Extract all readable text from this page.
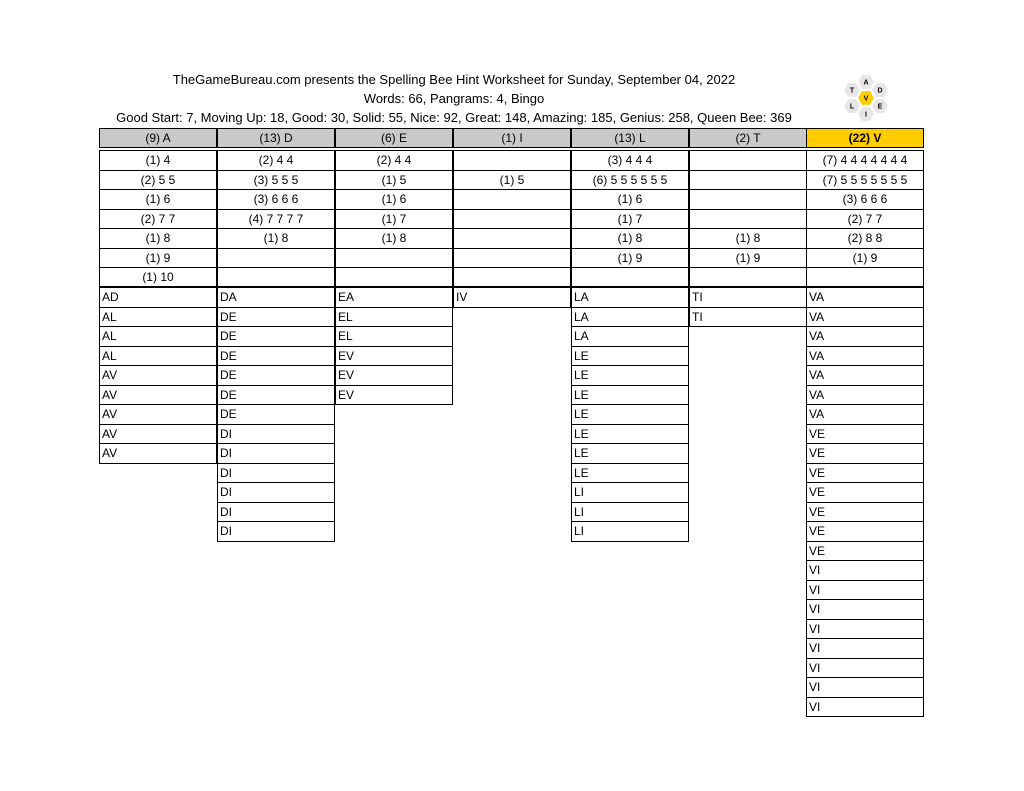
TheGameBureau.com presents the Spelling Bee Hint Worksheet for Sunday, September 04, 2022
Words: 66, Pangrams: 4, Bingo
Good Start: 7, Moving Up: 18, Good: 30, Solid: 55, Nice: 92, Great: 148, Amazing: 185, Genius: 258, Queen Bee: 369
A
D
E
I
L
T
V
(9) A
(1) 4
(2) 5 5
(1) 6
(2) 7 7
(1) 8
(1) 9
(1) 10
AD
AL
AL
AL
AV
AV
AV
AV
AV
(13) D
(2) 4 4
(3) 5 5 5
(3) 6 6 6
(4) 7 7 7 7
(1) 8
DA
DE
DE
DE
DE
DE
DE
DI
DI
DI
DI
DI
DI
(6) E
(2) 4 4
(1) 5
(1) 6
(1) 7
(1) 8
EA
EL
EL
EV
EV
EV
(1) I
(1) 5
IV
(13) L
(3) 4 4 4
(6) 5 5 5 5 5 5
(1) 6
(1) 7
(1) 8
(1) 9
LA
LA
LA
LE
LE
LE
LE
LE
LE
LE
LI
LI
LI
(2) T
(1) 8
(1) 9
TI
TI
(22) V
(7) 4 4 4 4 4 4 4
(7) 5 5 5 5 5 5 5
(3) 6 6 6
(2) 7 7
(2) 8 8
(1) 9
VA
VA
VA
VA
VA
VA
VA
VE
VE
VE
VE
VE
VE
VE
VI
VI
VI
VI
VI
VI
VI
VI
